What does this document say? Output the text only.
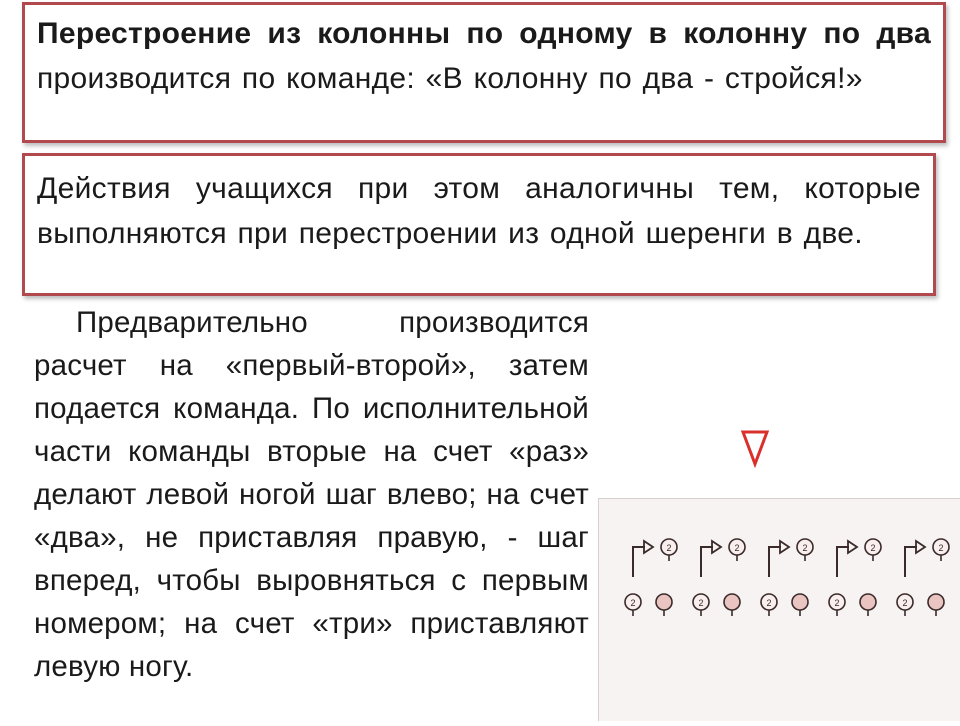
Перестроение из колонны по одному в колонну по два производится по команде: «В колонну по два - стройся!»
Действия учащихся при этом аналогичны тем, которые выполняются при перестроении из одной шеренги в две.

Предварительно производится расчет на «первый-второй», затем подается команда. По исполнительной части команды вторые на счет «раз» делают левой ногой шаг влево; на счет «два», не приставляя правую, - шаг вперед, чтобы выровняться с первым номером; на счет «три» приставляют левую ногу.

2
2
2
2
2
2
2
2
2
2
